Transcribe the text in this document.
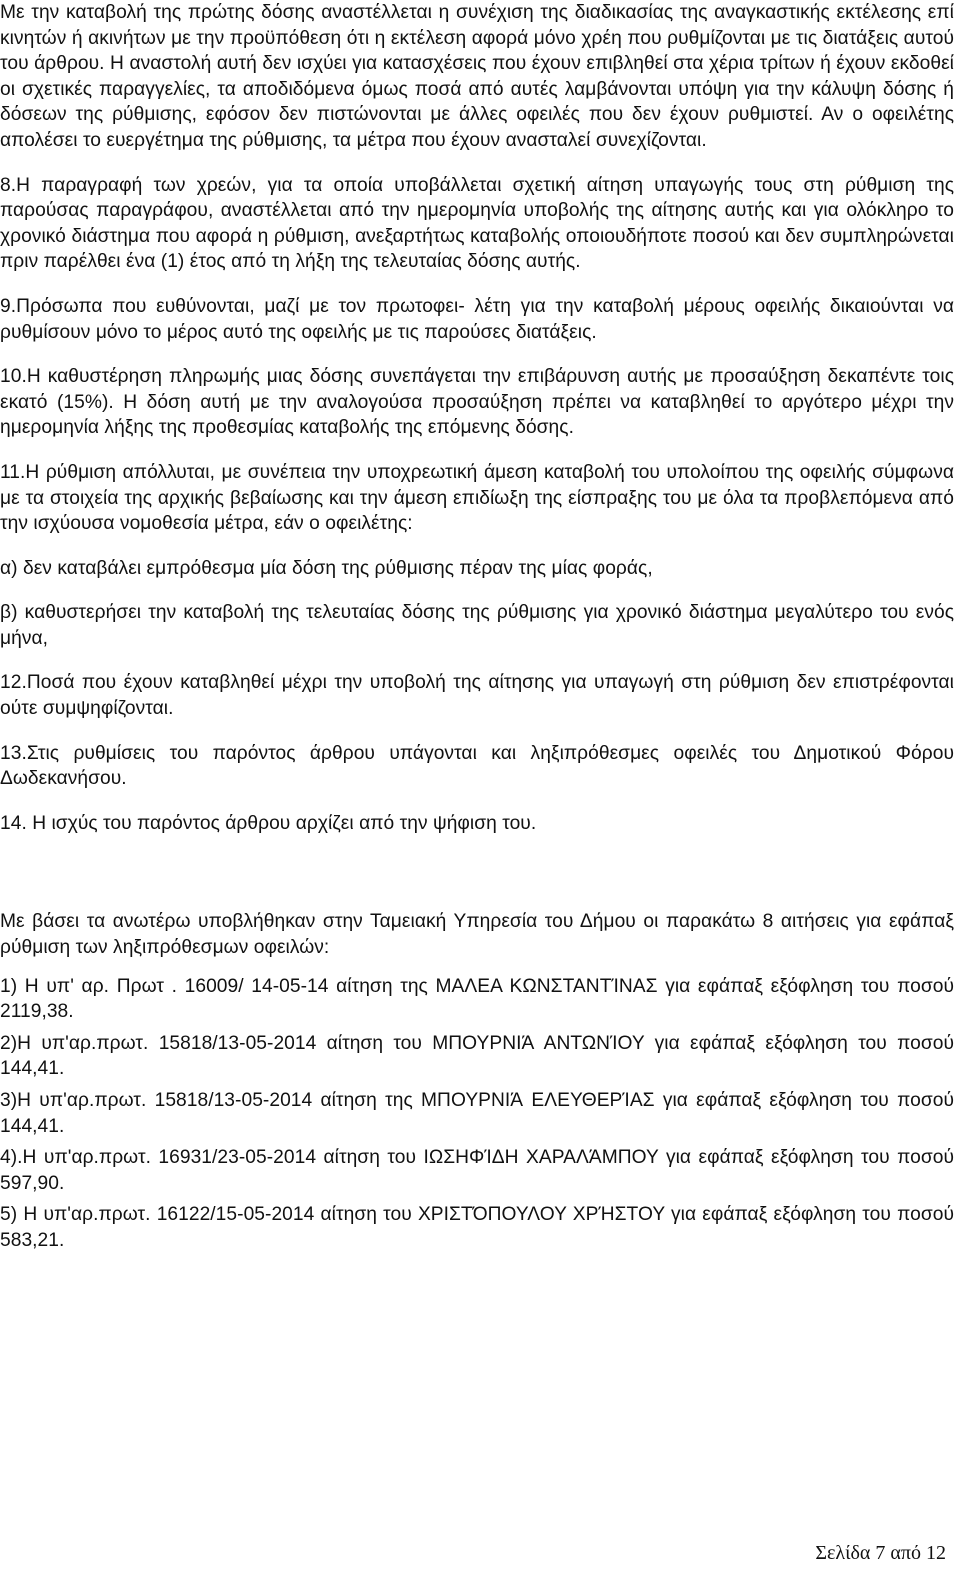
Με την καταβολή της πρώτης δόσης αναστέλλεται η συνέχιση της διαδικασίας της αναγκαστικής εκτέλεσης επί κινητών ή ακινήτων με την προϋπόθεση ότι η εκτέλεση αφορά μόνο χρέη που ρυθμίζονται με τις διατάξεις αυτού του άρθρου. Η αναστολή αυτή δεν ισχύει για κατασχέσεις που έχουν επιβληθεί στα χέρια τρίτων ή έχουν εκδοθεί οι σχετικές παραγγελίες, τα αποδιδόμενα όμως ποσά από αυτές λαμβάνονται υπόψη για την κάλυψη δόσης ή δόσεων της ρύθμισης, εφόσον δεν πιστώνονται με άλλες οφειλές που δεν έχουν ρυθμιστεί. Αν ο οφειλέτης απολέσει το ευεργέτημα της ρύθμισης, τα μέτρα που έχουν ανασταλεί συνεχίζονται.

8.Η παραγραφή των χρεών, για τα οποία υποβάλλεται σχετική αίτηση υπαγωγής τους στη ρύθμιση της παρούσας παραγράφου, αναστέλλεται από την ημερομηνία υποβολής της αίτησης αυτής και για ολόκληρο το χρονικό διάστημα που αφορά η ρύθμιση, ανεξαρτήτως καταβολής οποιουδήποτε ποσού και δεν συμπληρώνεται πριν παρέλθει ένα (1) έτος από τη λήξη της τελευταίας δόσης αυτής.

9.Πρόσωπα που ευθύνονται, μαζί με τον πρωτοφει- λέτη για την καταβολή μέρους οφειλής δικαιούνται να ρυθμίσουν μόνο το μέρος αυτό της οφειλής με τις παρούσες διατάξεις.

10.Η καθυστέρηση πληρωμής μιας δόσης συνεπάγεται την επιβάρυνση αυτής με προσαύξηση δεκαπέντε τοις εκατό (15%). Η δόση αυτή με την αναλογούσα προσαύξηση πρέπει να καταβληθεί το αργότερο μέχρι την ημερομηνία λήξης της προθεσμίας καταβολής της επόμενης δόσης.

11.Η ρύθμιση απόλλυται, με συνέπεια την υποχρεωτική άμεση καταβολή του υπολοίπου της οφειλής σύμφωνα με τα στοιχεία της αρχικής βεβαίωσης και την άμεση επιδίωξη της είσπραξης του με όλα τα προβλεπόμενα από την ισχύουσα νομοθεσία μέτρα, εάν ο οφειλέτης:

α) δεν καταβάλει εμπρόθεσμα μία δόση της ρύθμισης πέραν της μίας φοράς,

β) καθυστερήσει την καταβολή της τελευταίας δόσης της ρύθμισης για χρονικό διάστημα μεγαλύτερο του ενός μήνα,

12.Ποσά που έχουν καταβληθεί μέχρι την υποβολή της αίτησης για υπαγωγή στη ρύθμιση δεν επιστρέφονται ούτε συμψηφίζονται.

13.Στις ρυθμίσεις του παρόντος άρθρου υπάγονται και ληξιπρόθεσμες οφειλές του Δημοτικού Φόρου Δωδεκανήσου.

14. Η ισχύς του παρόντος άρθρου αρχίζει από την ψήφιση του.

Με βάσει τα ανωτέρω υποβλήθηκαν στην Ταμειακή Υπηρεσία του Δήμου οι παρακάτω 8 αιτήσεις για εφάπαξ ρύθμιση των ληξιπρόθεσμων οφειλών:

1) Η υπ' αρ. Πρωτ . 16009/ 14-05-14 αίτηση της ΜΑΛΕΑ ΚΩΝΣΤΑΝΤΊΝΑΣ για εφάπαξ εξόφληση του ποσού 2119,38.

2)Η υπ'αρ.πρωτ. 15818/13-05-2014 αίτηση του ΜΠΟΥΡΝΙΆ ΑΝΤΩΝΊΟΥ για εφάπαξ εξόφληση του ποσού 144,41.

3)Η υπ'αρ.πρωτ. 15818/13-05-2014 αίτηση της ΜΠΟΥΡΝΙΆ ΕΛΕΥΘΕΡΊΑΣ για εφάπαξ εξόφληση του ποσού 144,41.

4).Η υπ'αρ.πρωτ. 16931/23-05-2014 αίτηση του ΙΩΣΗΦΊΔΗ ΧΑΡΑΛΆΜΠΟΥ για εφάπαξ εξόφληση του ποσού 597,90.

5) Η υπ'αρ.πρωτ. 16122/15-05-2014 αίτηση του ΧΡΙΣΤΌΠΟΥΛΟΥ ΧΡΉΣΤΟΥ για εφάπαξ εξόφληση του ποσού 583,21.

Σελίδα 7 από 12
